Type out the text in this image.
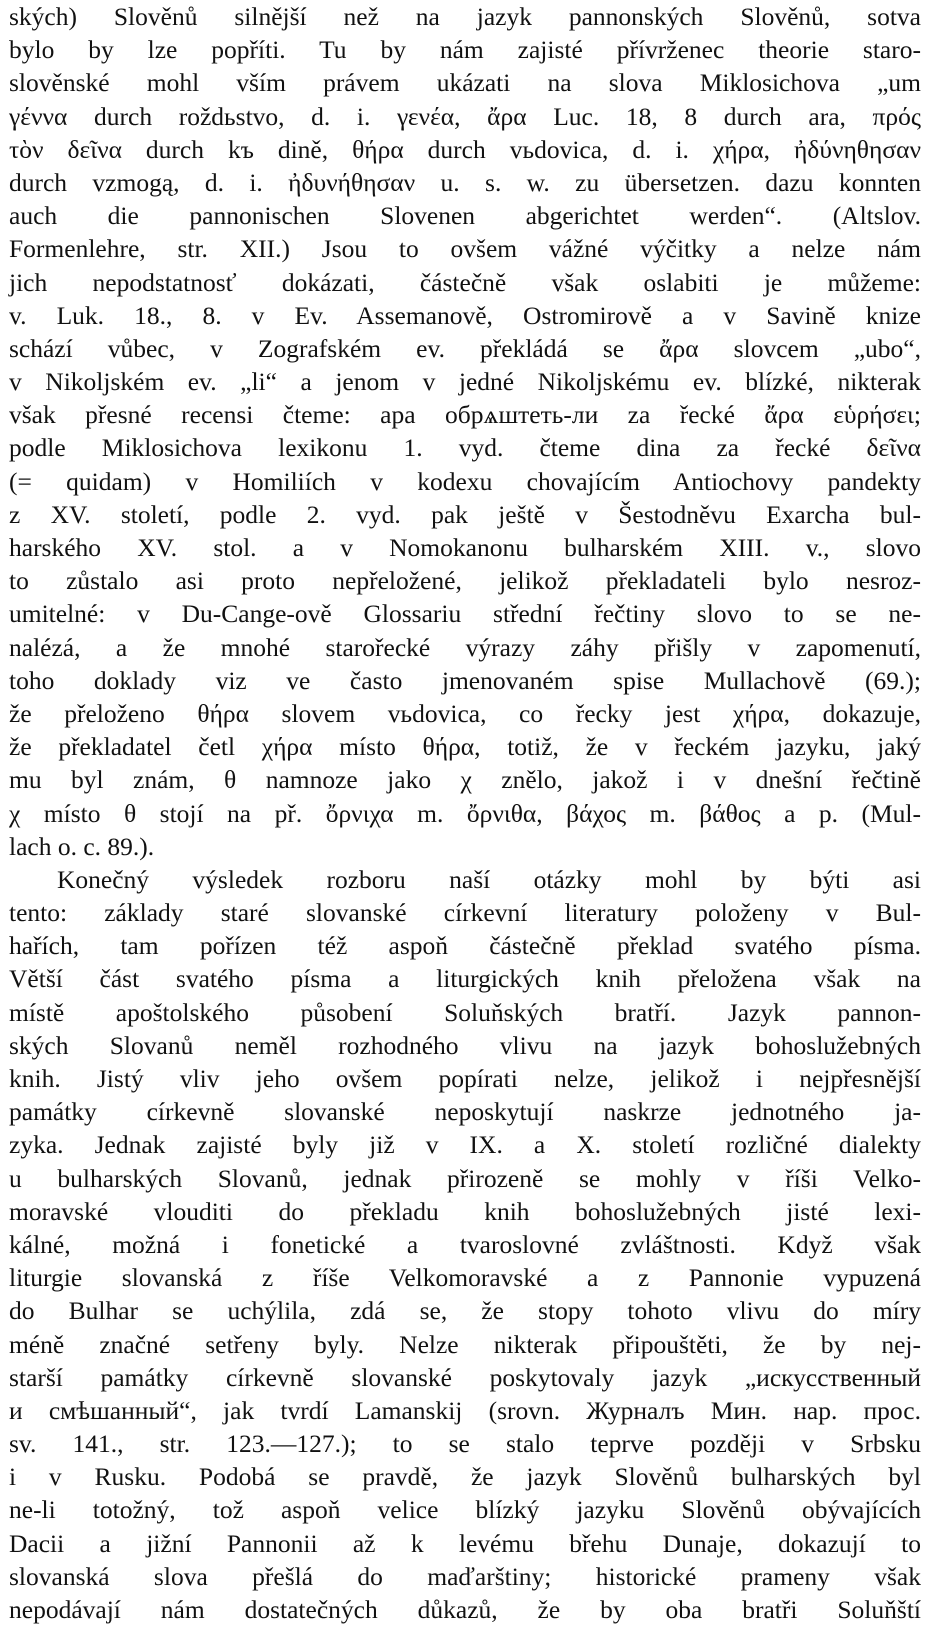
ských) Slověnů silnější než na jazyk pannonských Slověnů, sotva
bylo by lze popříti. Tu by nám zajisté přívrženec theorie staro-
slověnské mohl vším právem ukázati na slova Miklosichova „um
γέννα durch roždьstvo, d. i. γενέα, ἄρα Luc. 18, 8 durch ara, πρός
τὸν δεῖνα durch kъ dině, θήρα durch vьdovica, d. i. χήρα, ἠδύνηθησαν
durch vzmogą, d. i. ἠδυνήθησαν u. s. w. zu übersetzen. dazu konnten
auch die pannonischen Slovenen abgerichtet werden“. (Altslov.
Formenlehre, str. XII.) Jsou to ovšem vážné výčitky a nelze nám
jich nepodstatnosť dokázati, částečně však oslabiti je můžeme:
v. Luk. 18., 8. v Ev. Assemanově, Ostromirově a v Savině knize
schází vůbec, v Zografském ev. překládá se ἄρα slovcem „ubo“,
v Nikoljském ev. „li“ a jenom v jedné Nikoljskému ev. blízké, nikterak
však přesné recensi čteme: ара обрѧштеть-ли za řecké ἄρα εὑρήσει;
podle Miklosichova lexikonu 1. vyd. čteme dina za řecké δεῖνα
(= quidam) v Homiliích v kodexu chovajícím Antiochovy pandekty
z XV. století, podle 2. vyd. pak ještě v Šestodněvu Exarcha bul-
harského XV. stol. a v Nomokanonu bulharském XIII. v., slovo
to zůstalo asi proto nepřeložené, jelikož překladateli bylo nesroz-
umitelné: v Du-Cange-ově Glossariu střední řečtiny slovo to se ne-
nalézá, a že mnohé starořecké výrazy záhy přišly v zapomenutí,
toho doklady viz ve často jmenovaném spise Mullachově (69.);
že přeloženo θήρα slovem vьdovica, co řecky jest χήρα, dokazuje,
že překladatel četl χήρα místo θήρα, totiž, že v řeckém jazyku, jaký
mu byl znám, θ namnoze jako χ znělo, jakož i v dnešní řečtině
χ místo θ stojí na př. ὄρνιχα m. ὄρνιθα, βάχος m. βάθος a p. (Mul-
lach o. c. 89.).
Konečný výsledek rozboru naší otázky mohl by býti asi
tento: základy staré slovanské církevní literatury položeny v Bul-
hařích, tam pořízen též aspoň částečně překlad svatého písma.
Větší část svatého písma a liturgických knih přeložena však na
místě apoštolského působení Soluňských bratří. Jazyk pannon-
ských Slovanů neměl rozhodného vlivu na jazyk bohoslužebných
knih. Jistý vliv jeho ovšem popírati nelze, jelikož i nejpřesnější
památky církevně slovanské neposkytují naskrze jednotného ja-
zyka. Jednak zajisté byly již v IX. a X. století rozličné dialekty
u bulharských Slovanů, jednak přirozeně se mohly v říši Velko-
moravské vlouditi do překladu knih bohoslužebných jisté lexi-
kálné, možná i fonetické a tvaroslovné zvláštnosti. Když však
liturgie slovanská z říše Velkomoravské a z Pannonie vypuzená
do Bulhar se uchýlila, zdá se, že stopy tohoto vlivu do míry
méně značné setřeny byly. Nelze nikterak připouštěti, že by nej-
starší památky církevně slovanské poskytovaly jazyk „искусственный
и смѣшанный“, jak tvrdí Lamanskij (srovn. Журналъ Мин. нар. прос.
sv. 141., str. 123.—127.); to se stalo teprve později v Srbsku
i v Rusku. Podobá se pravdě, že jazyk Slověnů bulharských byl
ne-li totožný, tož aspoň velice blízký jazyku Slověnů obývajících
Dacii a jižní Pannonii až k levému břehu Dunaje, dokazují to
slovanská slova přešlá do maďarštiny; historické prameny však
nepodávají nám dostatečných důkazů, že by oba bratři Soluňští
